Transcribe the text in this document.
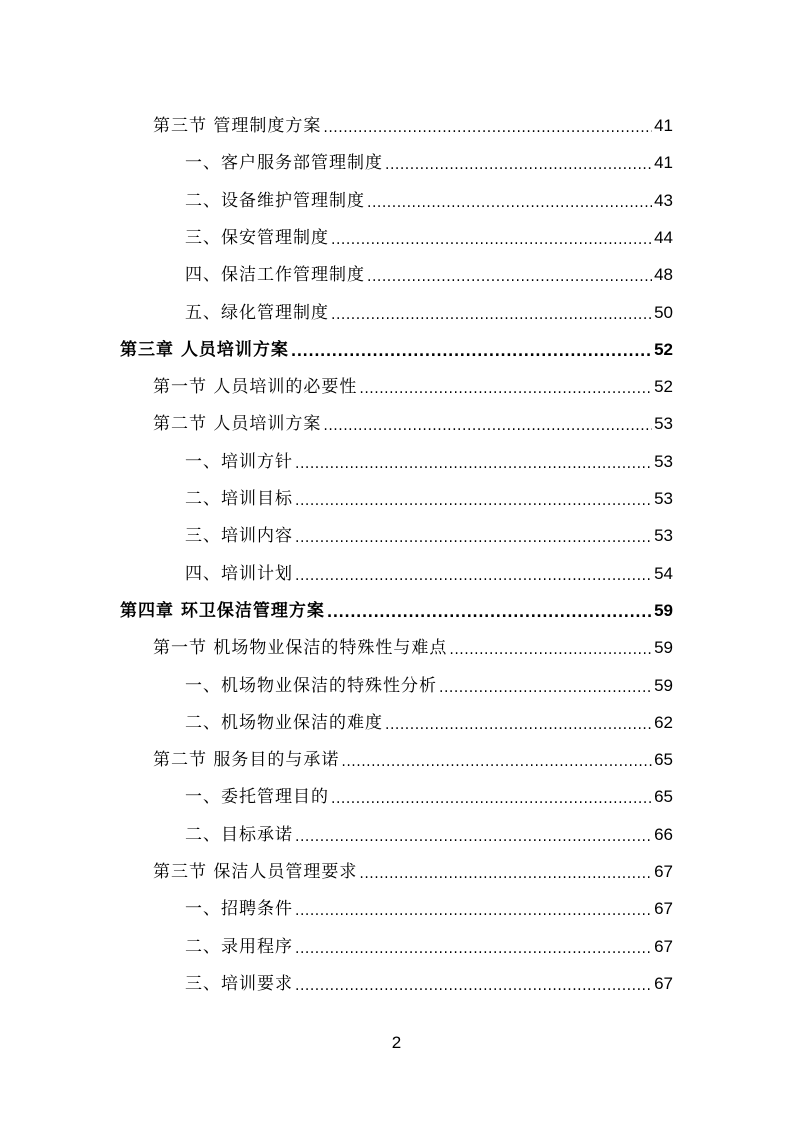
第三节 管理制度方案 .....	41
一、客户服务部管理制度 .....	41
二、设备维护管理制度 .....	43
三、保安管理制度 .....	44
四、保洁工作管理制度 .....	48
五、绿化管理制度 .....	50
第三章 人员培训方案 .....	52
第一节 人员培训的必要性 .....	52
第二节 人员培训方案 .....	53
一、培训方针 .....	53
二、培训目标 .....	53
三、培训内容 .....	53
四、培训计划 .....	54
第四章 环卫保洁管理方案 .....	59
第一节 机场物业保洁的特殊性与难点 .....	59
一、机场物业保洁的特殊性分析 .....	59
二、机场物业保洁的难度 .....	62
第二节 服务目的与承诺 .....	65
一、委托管理目的 .....	65
二、目标承诺 .....	66
第三节 保洁人员管理要求 .....	67
一、招聘条件 .....	67
二、录用程序 .....	67
三、培训要求 .....	67
2
